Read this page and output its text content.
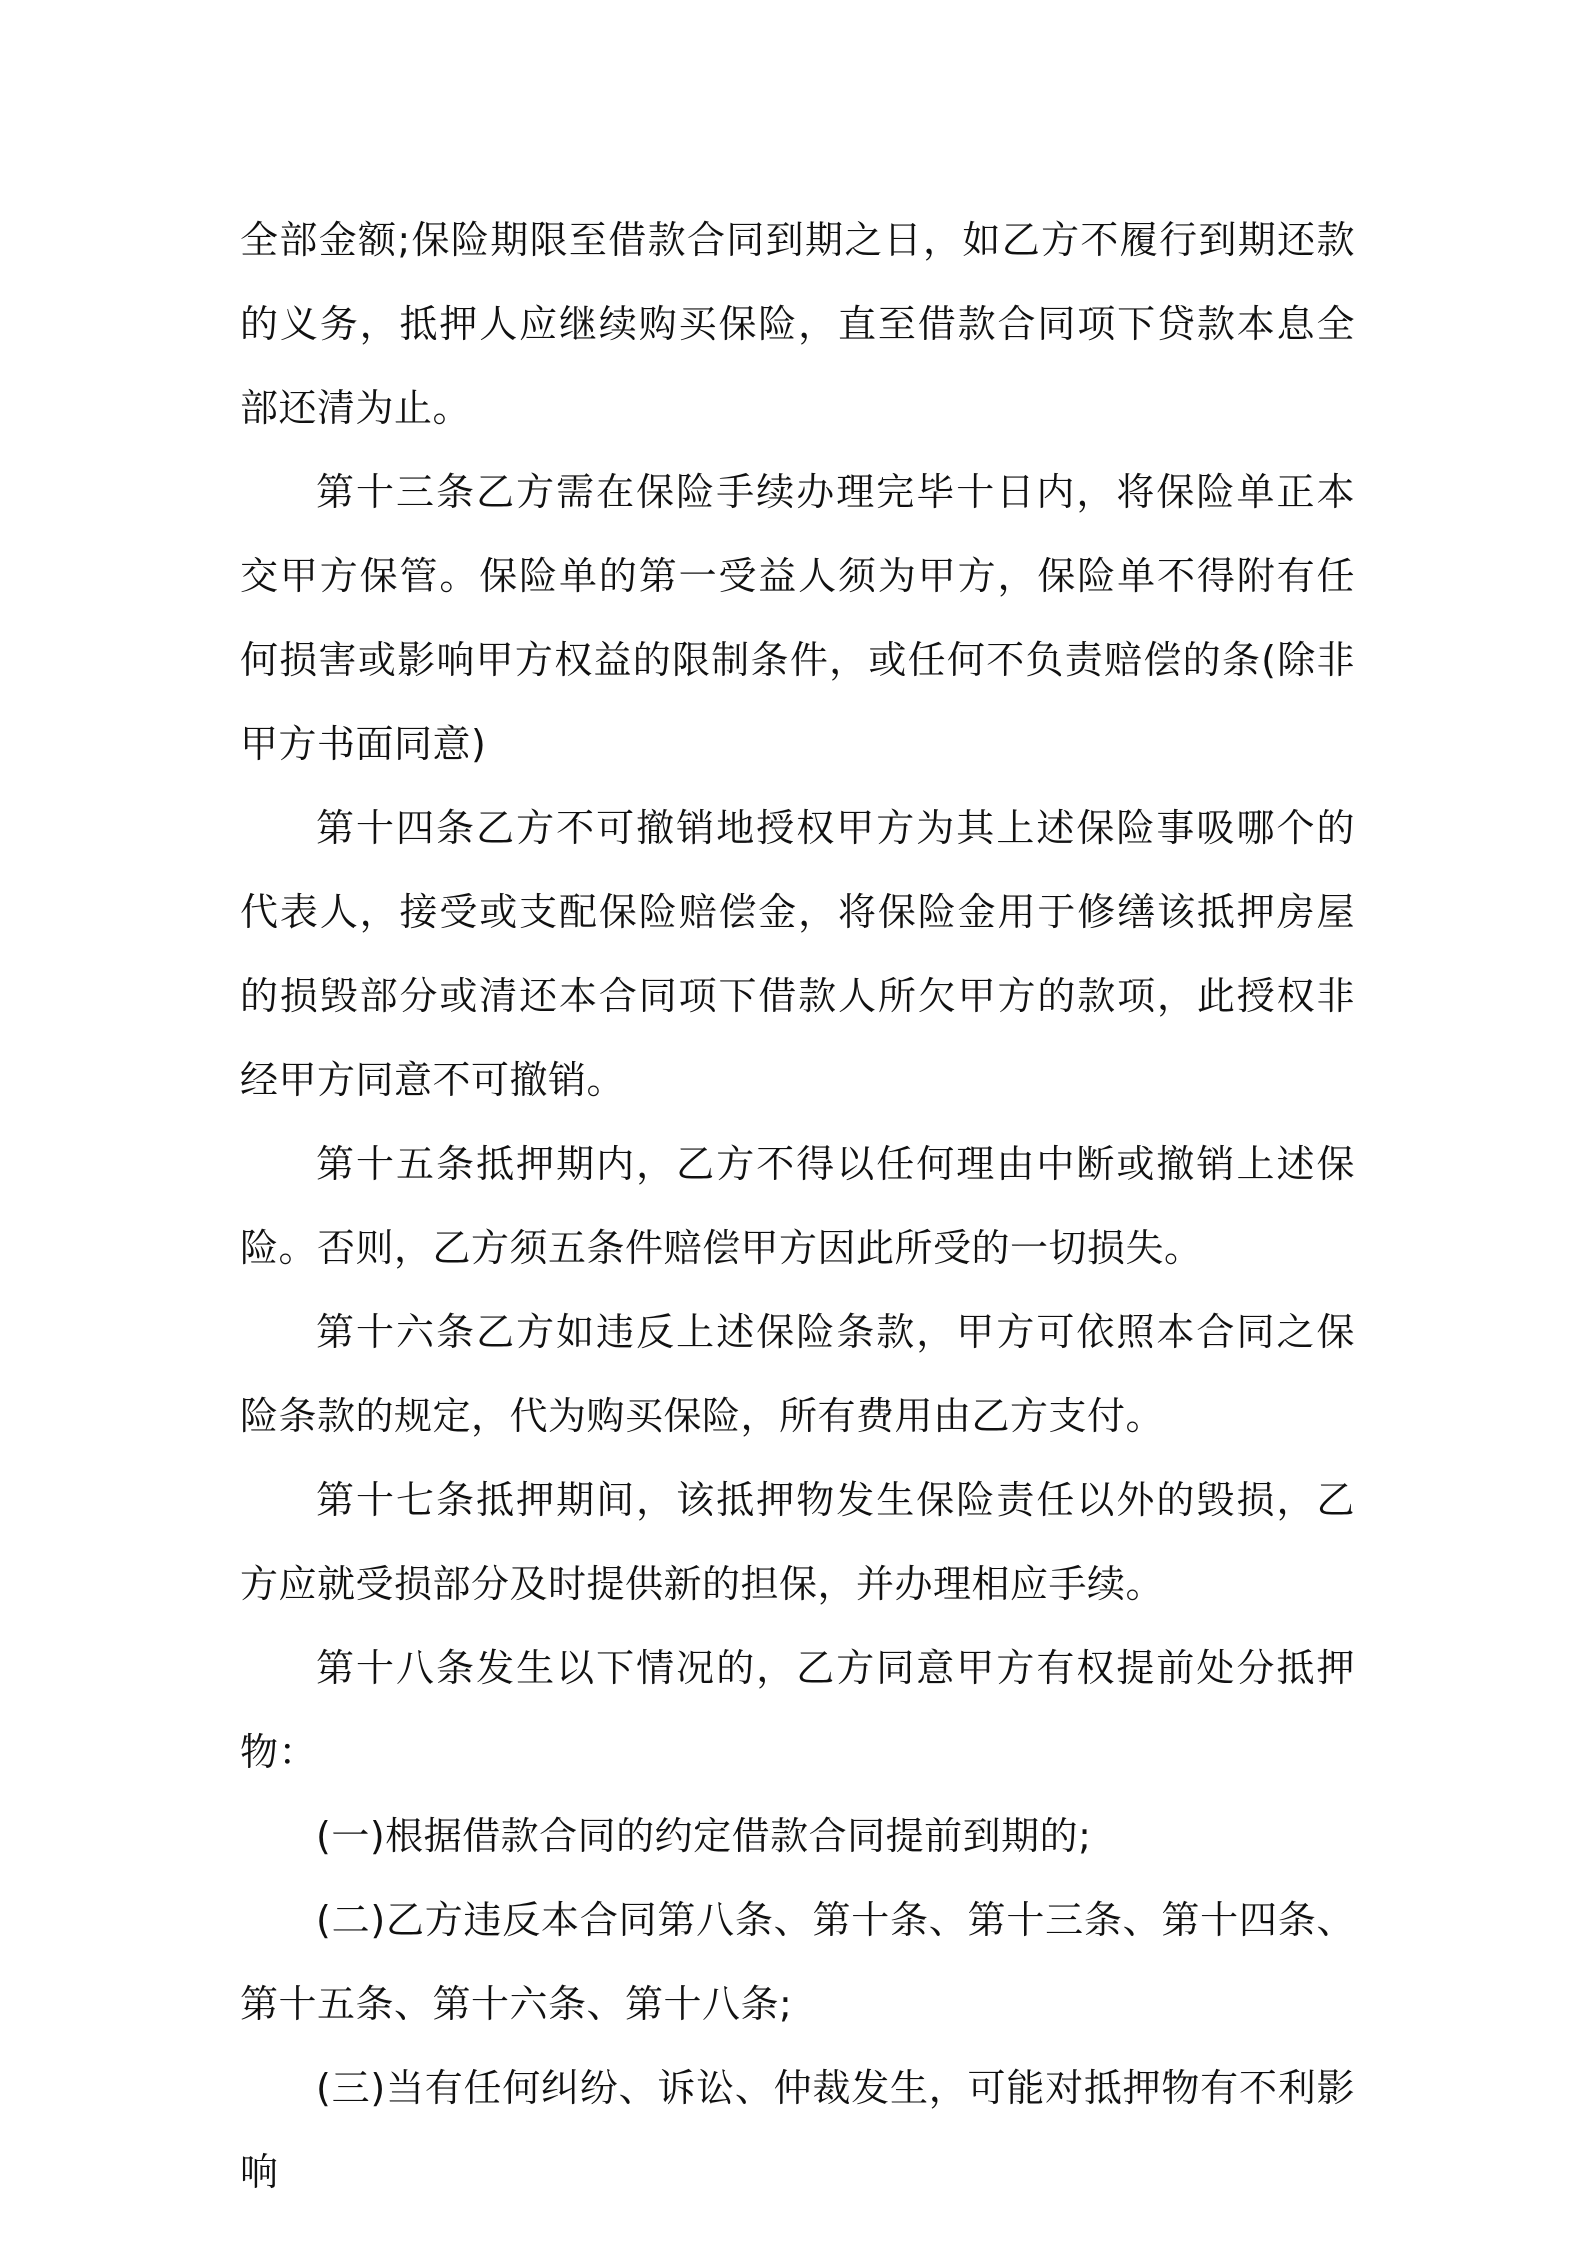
全部金额;保险期限至借款合同到期之日，如乙方不履行到期还款的义务，抵押人应继续购买保险，直至借款合同项下贷款本息全部还清为止。

第十三条乙方需在保险手续办理完毕十日内，将保险单正本交甲方保管。保险单的第一受益人须为甲方，保险单不得附有任何损害或影响甲方权益的限制条件，或任何不负责赔偿的条(除非甲方书面同意)

第十四条乙方不可撤销地授权甲方为其上述保险事吸哪个的代表人，接受或支配保险赔偿金，将保险金用于修缮该抵押房屋的损毁部分或清还本合同项下借款人所欠甲方的款项，此授权非经甲方同意不可撤销。

第十五条抵押期内，乙方不得以任何理由中断或撤销上述保险。否则，乙方须五条件赔偿甲方因此所受的一切损失。

第十六条乙方如违反上述保险条款，甲方可依照本合同之保险条款的规定，代为购买保险，所有费用由乙方支付。

第十七条抵押期间，该抵押物发生保险责任以外的毁损，乙方应就受损部分及时提供新的担保，并办理相应手续。

第十八条发生以下情况的，乙方同意甲方有权提前处分抵押物：

(一)根据借款合同的约定借款合同提前到期的;

(二)乙方违反本合同第八条、第十条、第十三条、第十四条、第十五条、第十六条、第十八条;

(三)当有任何纠纷、诉讼、仲裁发生，可能对抵押物有不利影响
